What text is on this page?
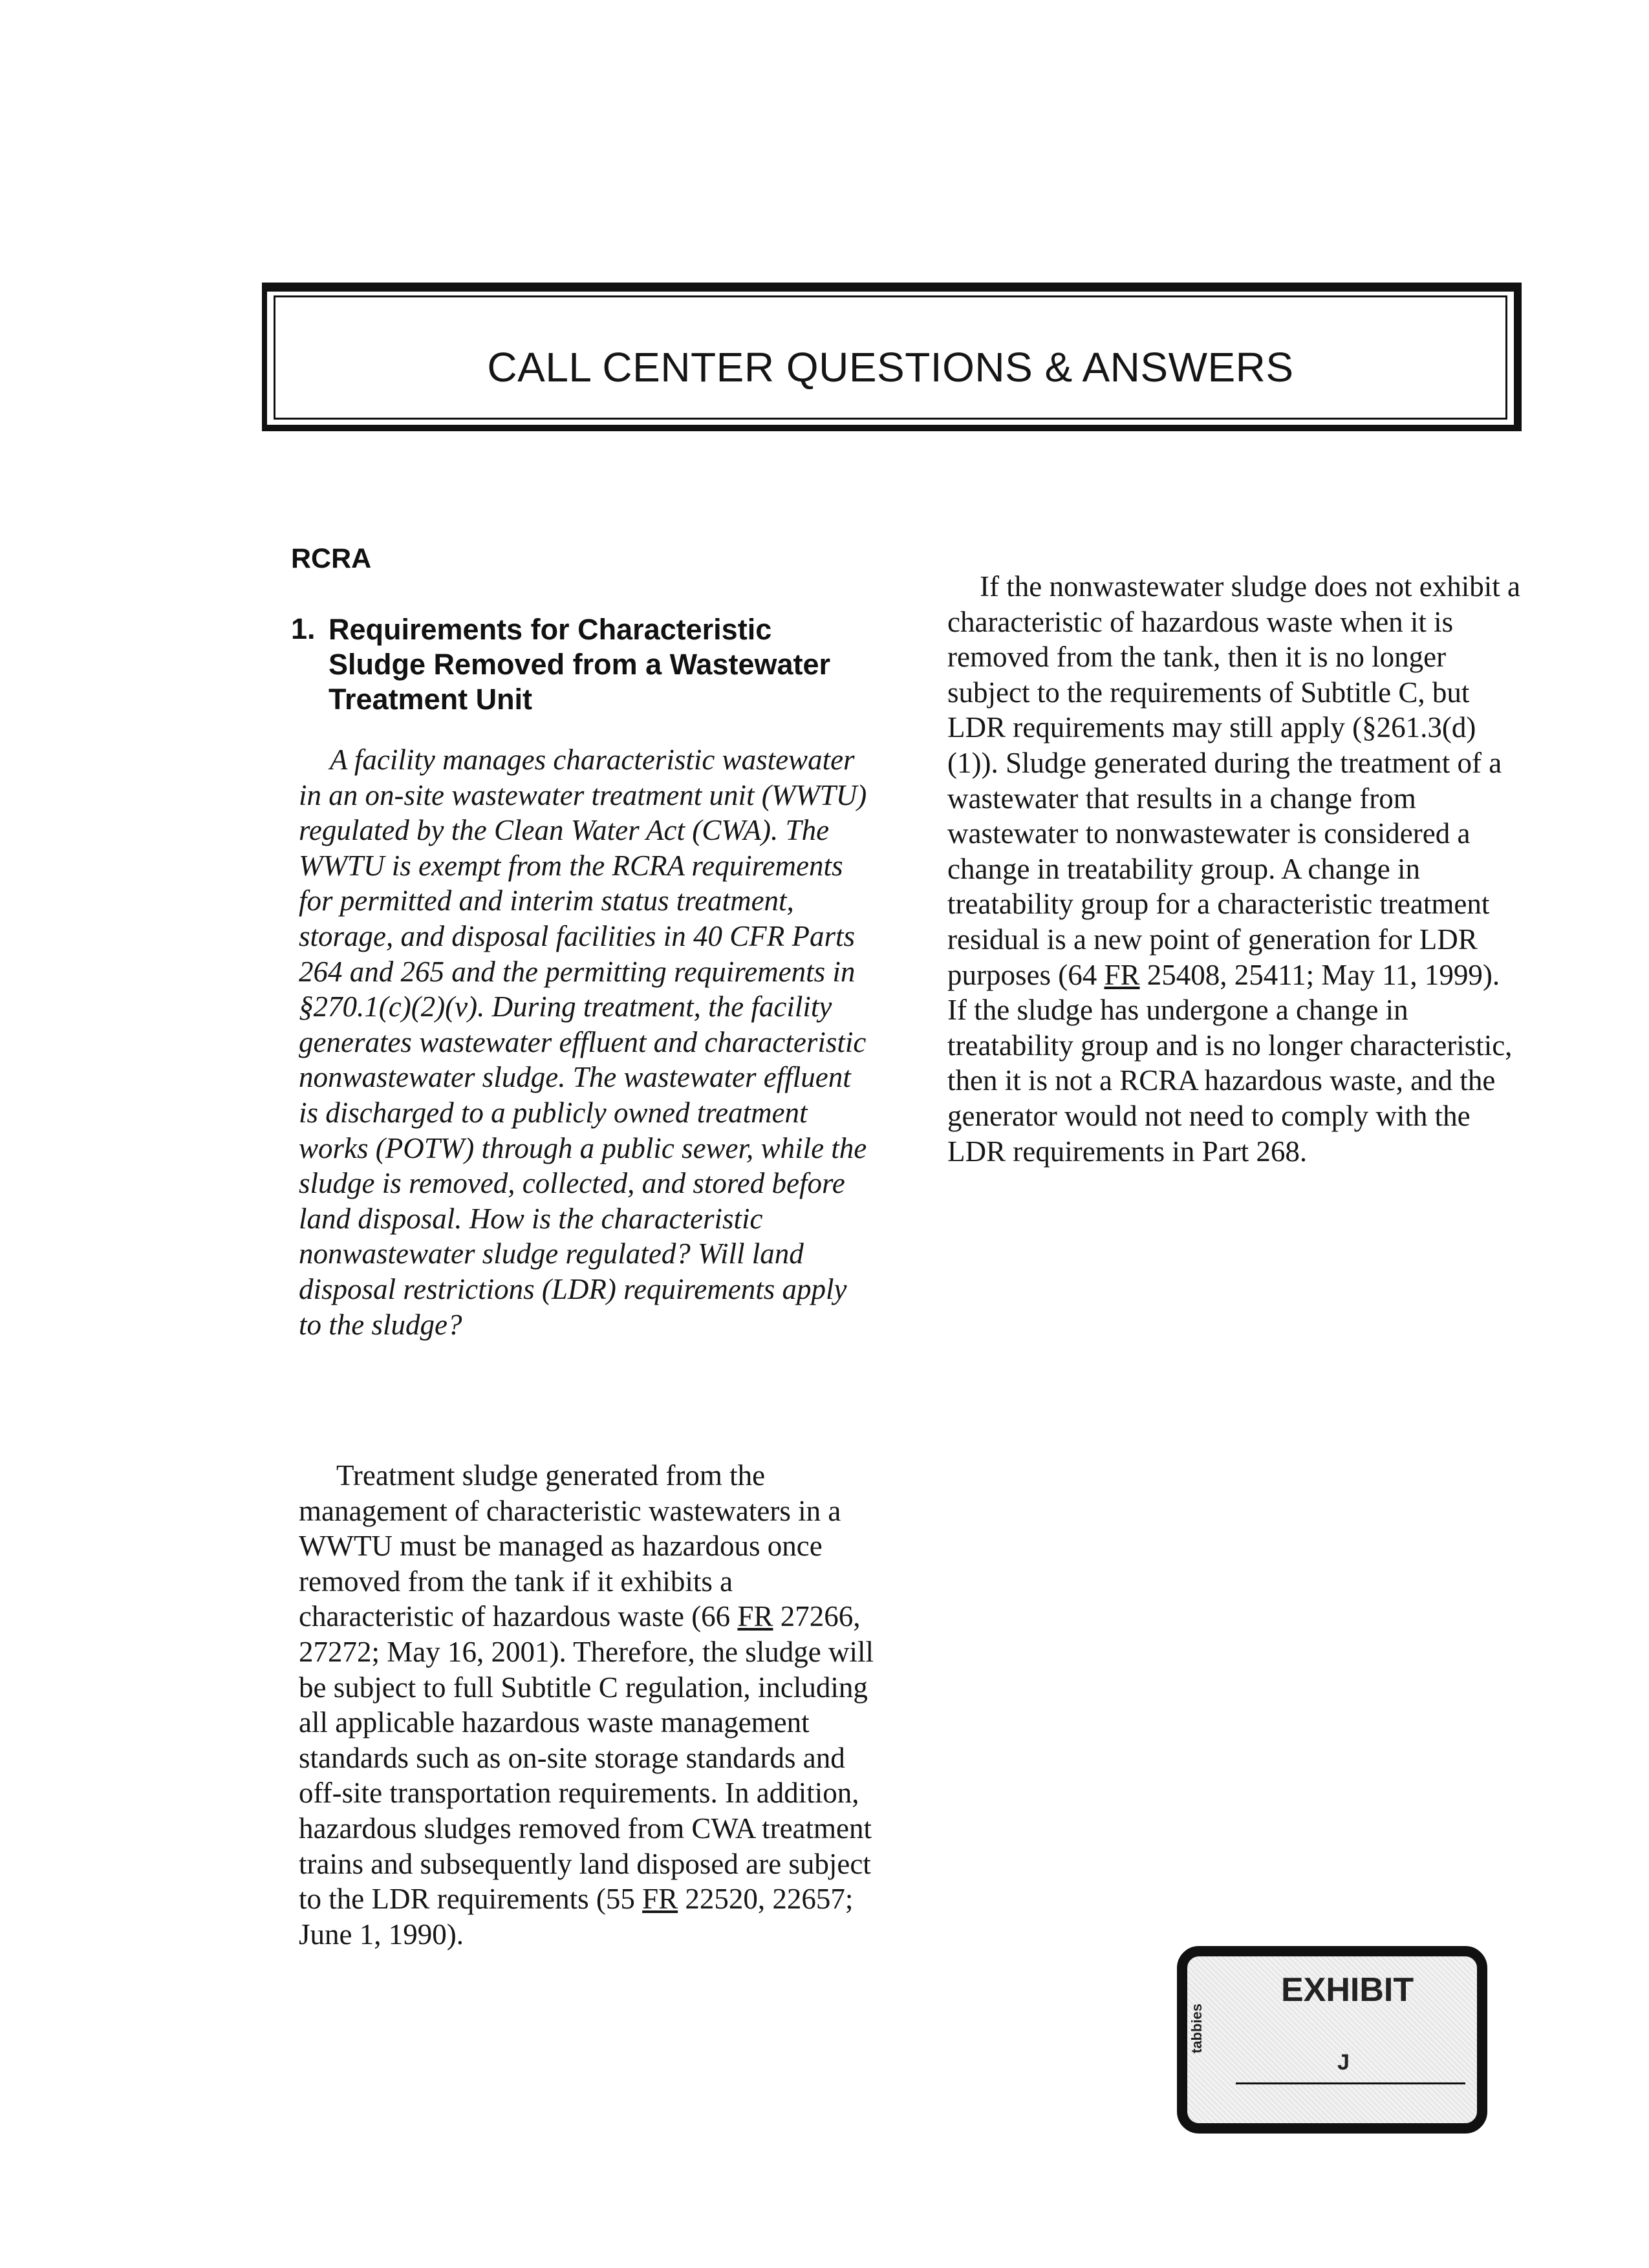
CALL CENTER QUESTIONS & ANSWERS
RCRA
1. Requirements for Characteristic Sludge Removed from a Wastewater Treatment Unit

A facility manages characteristic wastewater in an on-site wastewater treatment unit (WWTU) regulated by the Clean Water Act (CWA). The WWTU is exempt from the RCRA requirements for permitted and interim status treatment, storage, and disposal facilities in 40 CFR Parts 264 and 265 and the permitting requirements in §270.1(c)(2)(v). During treatment, the facility generates wastewater effluent and characteristic nonwastewater sludge. The wastewater effluent is discharged to a publicly owned treatment works (POTW) through a public sewer, while the sludge is removed, collected, and stored before land disposal. How is the characteristic nonwastewater sludge regulated? Will land disposal restrictions (LDR) requirements apply to the sludge?

Treatment sludge generated from the management of characteristic wastewaters in a WWTU must be managed as hazardous once removed from the tank if it exhibits a characteristic of hazardous waste (66 FR 27266, 27272; May 16, 2001). Therefore, the sludge will be subject to full Subtitle C regulation, including all applicable hazardous waste management standards such as on-site storage standards and off-site transportation requirements. In addition, hazardous sludges removed from CWA treatment trains and subsequently land disposed are subject to the LDR requirements (55 FR 22520, 22657; June 1, 1990).

If the nonwastewater sludge does not exhibit a characteristic of hazardous waste when it is removed from the tank, then it is no longer subject to the requirements of Subtitle C, but LDR requirements may still apply (§261.3(d)(1)). Sludge generated during the treatment of a wastewater that results in a change from wastewater to nonwastewater is considered a change in treatability group. A change in treatability group for a characteristic treatment residual is a new point of generation for LDR purposes (64 FR 25408, 25411; May 11, 1999). If the sludge has undergone a change in treatability group and is no longer characteristic, then it is not a RCRA hazardous waste, and the generator would not need to comply with the LDR requirements in Part 268.

tabbies
EXHIBIT
J
